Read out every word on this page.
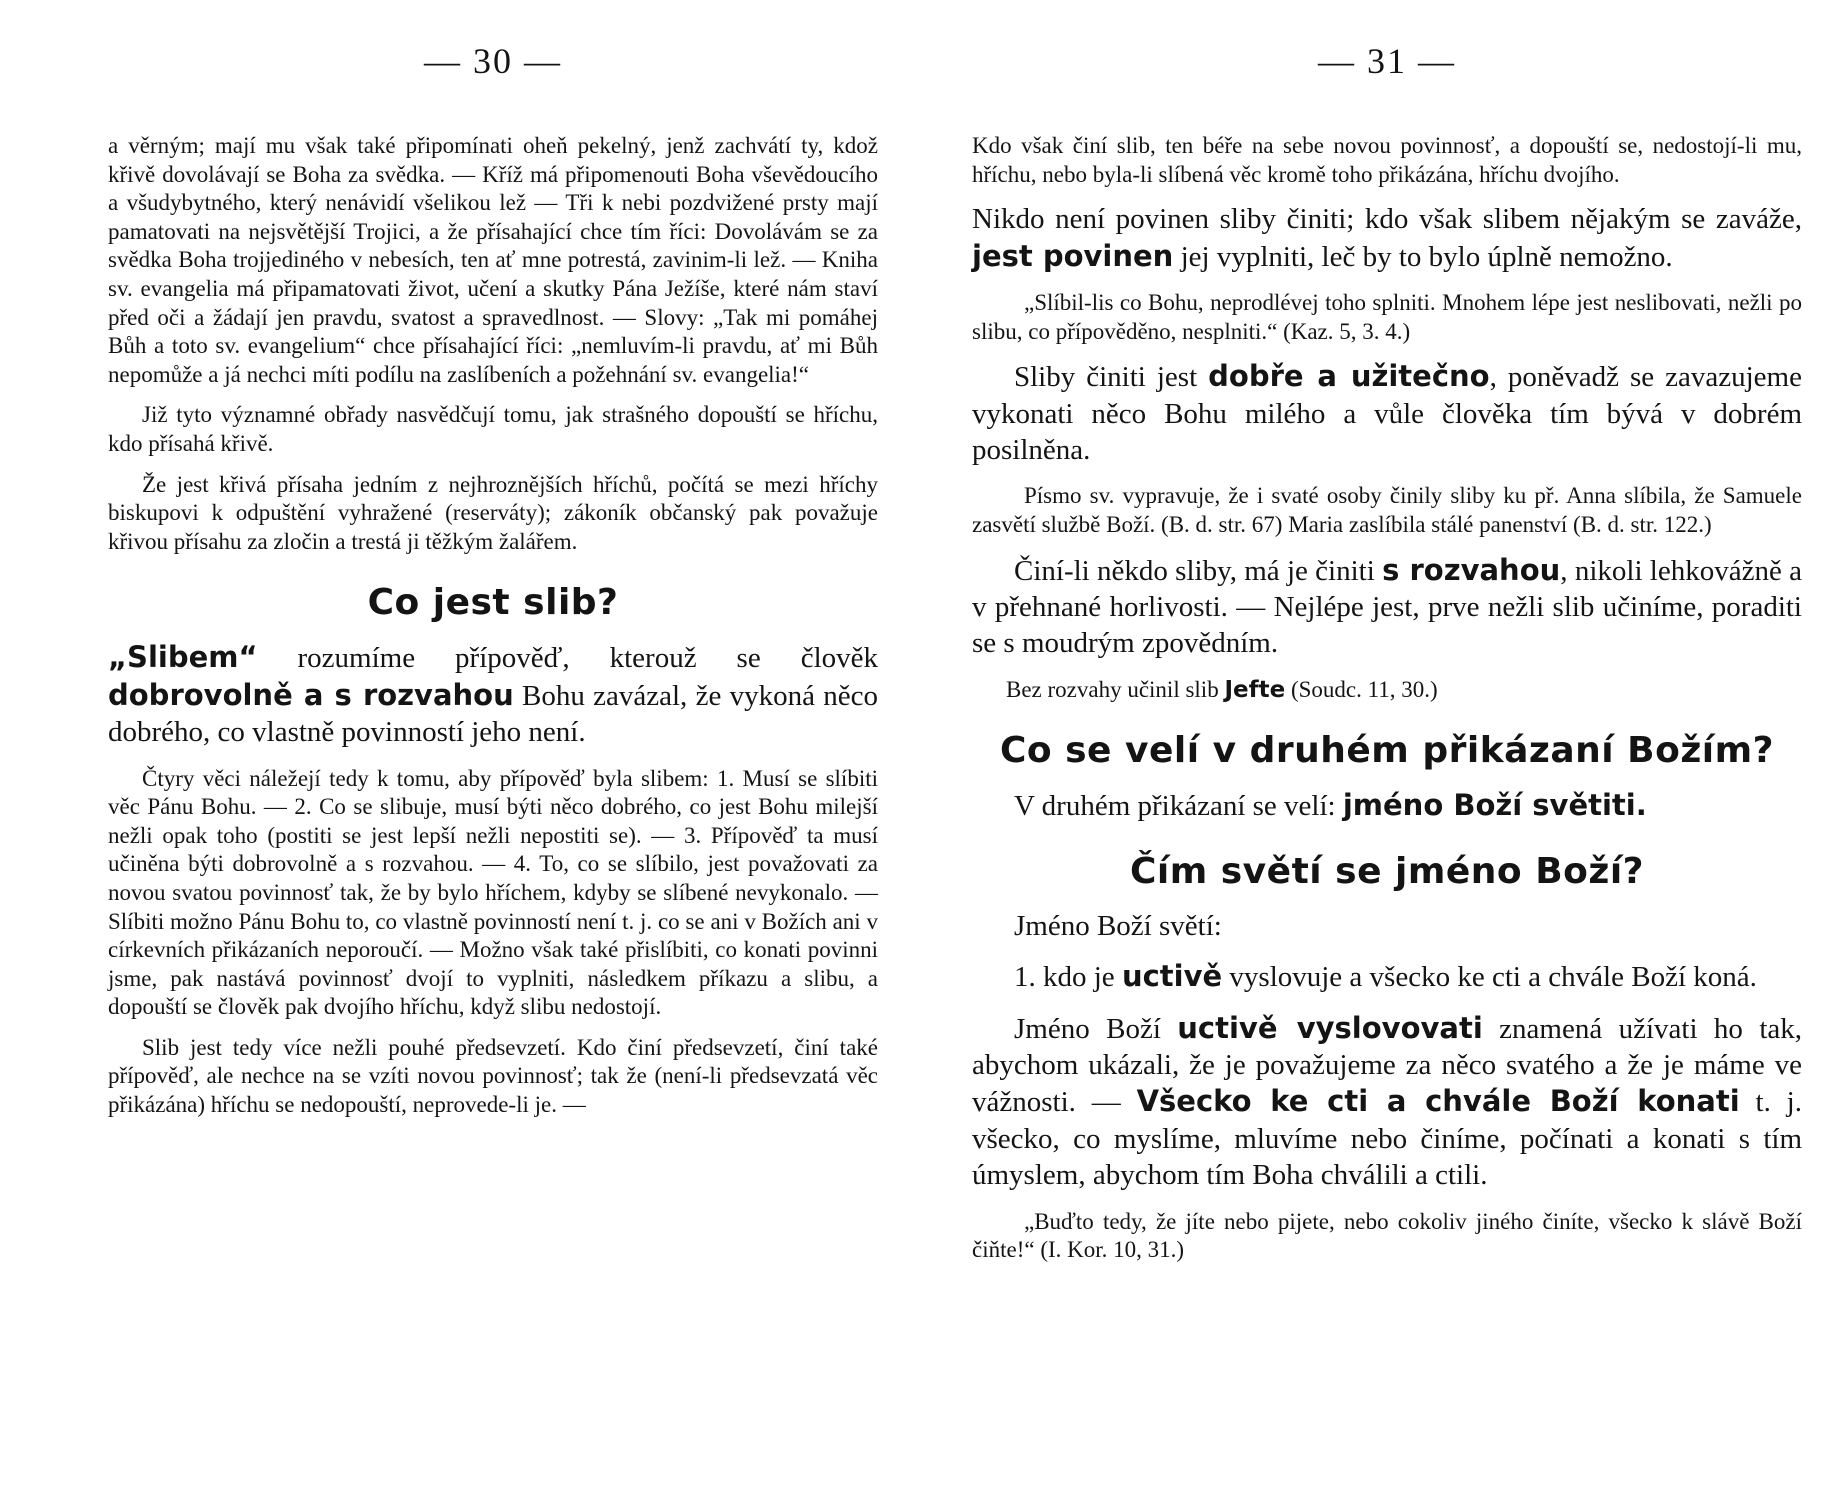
— 30 —

a věrným; mají mu však také připomínati oheň pekelný, jenž zachvátí ty, kdož křivě dovolávají se Boha za svědka. — Kříž má připomenouti Boha vševědoucího a všudybytného, který nenávidí všelikou lež — Tři k nebi pozdvižené prsty mají pamatovati na nejsvětější Trojici, a že přísahající chce tím říci: Dovolávám se za svědka Boha trojjediného v nebesích, ten ať mne potrestá, zavinim-li lež. — Kniha sv. evangelia má připamatovati život, učení a skutky Pána Ježíše, které nám staví před oči a žádají jen pravdu, svatost a spravedlnost. — Slovy: „Tak mi pomáhej Bůh a toto sv. evangelium“ chce přísahající říci: „nemluvím-li pravdu, ať mi Bůh nepomůže a já nechci míti podílu na zaslíbeních a požehnání sv. evangelia!“

Již tyto významné obřady nasvědčují tomu, jak strašného dopouští se hříchu, kdo přísahá křivě.

Že jest křivá přísaha jedním z nejhroznějších hříchů, počítá se mezi hříchy biskupovi k odpuštění vyhražené (reserváty); zákoník občanský pak považuje křivou přísahu za zločin a trestá ji těžkým žalářem.

Co jest slib?

„Slibem“ rozumíme přípověď, kterouž se člověk dobrovolně a s rozvahou Bohu zavázal, že vykoná něco dobrého, co vlastně povinností jeho není.

Čtyry věci náležejí tedy k tomu, aby přípověď byla slibem: 1. Musí se slíbiti věc Pánu Bohu. — 2. Co se slibuje, musí býti něco dobrého, co jest Bohu milejší nežli opak toho (postiti se jest lepší nežli nepostiti se). — 3. Přípověď ta musí učiněna býti dobrovolně a s rozvahou. — 4. To, co se slíbilo, jest považovati za novou svatou povinnosť tak, že by bylo hříchem, kdyby se slíbené nevykonalo. — Slíbiti možno Pánu Bohu to, co vlastně povinností není t. j. co se ani v Božích ani v církevních přikázaních neporoučí. — Možno však také přislíbiti, co konati povinni jsme, pak nastává povinnosť dvojí to vyplniti, následkem příkazu a slibu, a dopouští se člověk pak dvojího hříchu, když slibu nedostojí.

Slib jest tedy více nežli pouhé předsevzetí. Kdo činí předsevzetí, činí také přípověď, ale nechce na se vzíti novou povinnosť; tak že (není-li předsevzatá věc přikázána) hříchu se nedopouští, neprovede-li je. —

— 31 —

Kdo však činí slib, ten béře na sebe novou povinnosť, a dopouští se, nedostojí-li mu, hříchu, nebo byla-li slíbená věc kromě toho přikázána, hříchu dvojího.

Nikdo není povinen sliby činiti; kdo však slibem nějakým se zaváže, jest povinen jej vyplniti, leč by to bylo úplně nemožno.

„Slíbil-lis co Bohu, neprodlévej toho splniti. Mnohem lépe jest neslibovati, nežli po slibu, co přípověděno, nesplniti.“ (Kaz. 5, 3. 4.)

Sliby činiti jest dobře a užitečno, poněvadž se zavazujeme vykonati něco Bohu milého a vůle člověka tím bývá v dobrém posilněna.

Písmo sv. vypravuje, že i svaté osoby činily sliby ku př. Anna slíbila, že Samuele zasvětí službě Boží. (B. d. str. 67) Maria zaslíbila stálé panenství (B. d. str. 122.)

Činí-li někdo sliby, má je činiti s rozvahou, nikoli lehkovážně a v přehnané horlivosti. — Nejlépe jest, prve nežli slib učiníme, poraditi se s moudrým zpovědním.

Bez rozvahy učinil slib Jefte (Soudc. 11, 30.)

Co se velí v druhém přikázaní Božím?

V druhém přikázaní se velí: jméno Boží světiti.

Čím světí se jméno Boží?

Jméno Boží světí:

1. kdo je uctivě vyslovuje a všecko ke cti a chvále Boží koná.

Jméno Boží uctivě vyslovovati znamená užívati ho tak, abychom ukázali, že je považujeme za něco svatého a že je máme ve vážnosti. — Všecko ke cti a chvále Boží konati t. j. všecko, co myslíme, mluvíme nebo činíme, počínati a konati s tím úmyslem, abychom tím Boha chválili a ctili.

„Buďto tedy, že jíte nebo pijete, nebo cokoliv jiného činíte, všecko k slávě Boží čiňte!“ (I. Kor. 10, 31.)
